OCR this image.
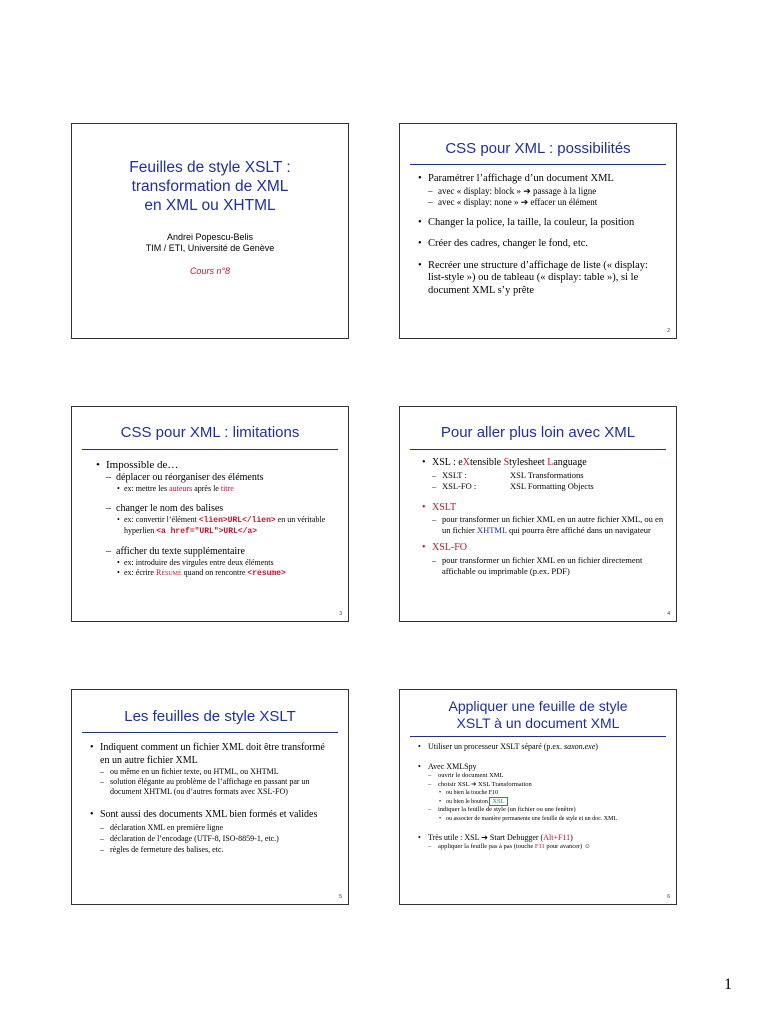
Feuilles de style XSLT :
transformation de XML
en XML ou XHTML
Andrei Popescu-Belis
TIM / ETI, Université de Genève
Cours n°8
CSS pour XML : possibilités
• Paramétrer l’affichage d’un document XML
– avec « display: block » ➔ passage à la ligne
– avec « display: none » ➔ effacer un élément
• Changer la police, la taille, la couleur, la position
• Créer des cadres, changer le fond, etc.
• Recréer une structure d’affichage de liste (« display: list-style ») ou de tableau (« display: table »), si le document XML s’y prête
2
CSS pour XML : limitations
• Impossible de…
– déplacer ou réorganiser des éléments
• ex: mettre les auteurs après le titre
– changer le nom des balises
• ex: convertir l’élément <lien>URL</lien> en un véritable hyperlien <a href="URL">URL</a>
– afficher du texte supplémentaire
• ex: introduire des virgules entre deux éléments
• ex: écrire Résumé quand on rencontre <resume>
3
Pour aller plus loin avec XML
• XSL : eXtensible Stylesheet Language
– XSLT :	XSL Transformations
– XSL-FO :	XSL Formatting Objects
• XSLT
– pour transformer un fichier XML en un autre fichier XML, ou en un fichier XHTML qui pourra être affiché dans un navigateur
• XSL-FO
– pour transformer un fichier XML en un fichier directement affichable ou imprimable (p.ex. PDF)
4
Les feuilles de style XSLT
• Indiquent comment un fichier XML doit être transformé en un autre fichier XML
– ou même en un fichier texte, ou HTML, ou XHTML
– solution élégante au problème de l’affichage en passant par un document XHTML (ou d’autres formats avec XSL-FO)
• Sont aussi des documents XML bien formés et valides
– déclaration XML en première ligne
– déclaration de l’encodage (UTF-8, ISO-8859-1, etc.)
– règles de fermeture des balises, etc.
5
Appliquer une feuille de style
XSLT à un document XML
• Utiliser un processeur XSLT séparé (p.ex. saxon.exe)
• Avec XMLSpy
– ouvrir le document XML
– choisir XSL ➔ XSL Transformation
• ou bien la touche F10
• ou bien le bouton XSL
– indiquer la feuille de style (un fichier ou une fenêtre)
• ou associer de manière permanente une feuille de style et un doc. XML
• Très utile : XSL ➔ Start Debugger (Alt+F11)
– appliquer la feuille pas à pas (touche F11 pour avancer) ☺
6
1
